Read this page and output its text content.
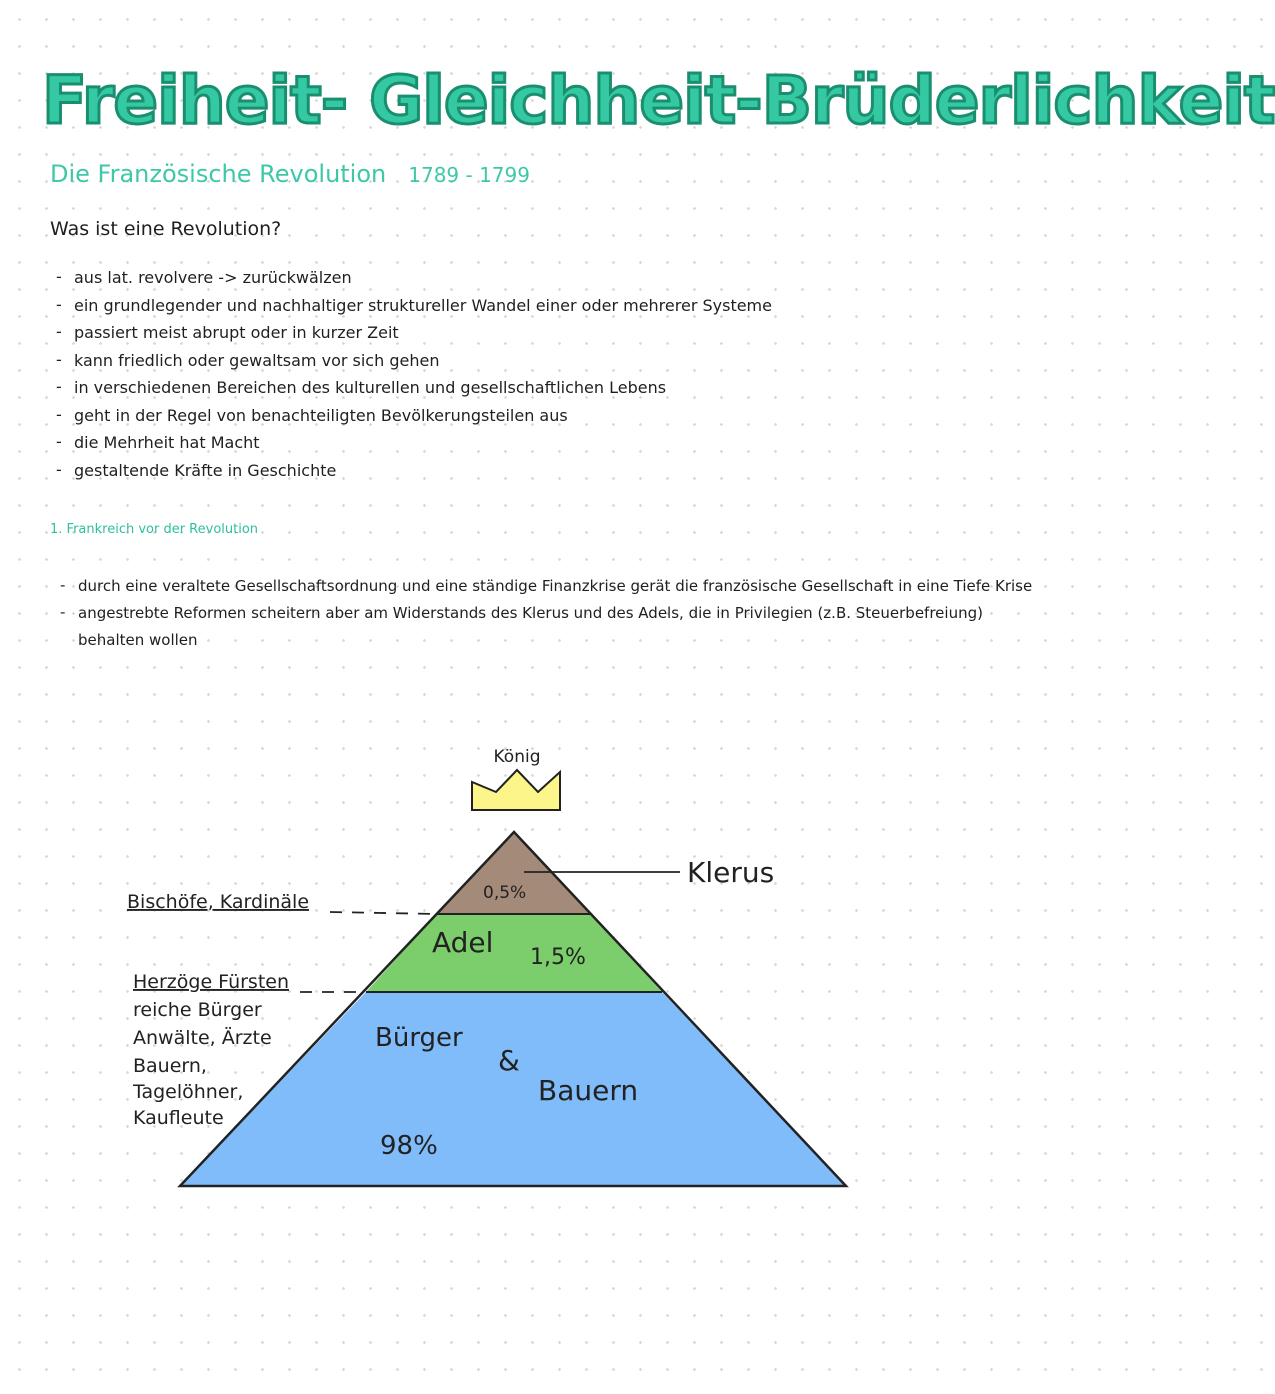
Freiheit- Gleichheit-Brüderlichkeit
Die Französische Revolution 1789 - 1799
Was ist eine Revolution?
- aus lat. revolvere -> zurückwälzen
- ein grundlegender und nachhaltiger struktureller Wandel einer oder mehrerer Systeme
- passiert meist abrupt oder in kurzer Zeit
- kann friedlich oder gewaltsam vor sich gehen
- in verschiedenen Bereichen des kulturellen und gesellschaftlichen Lebens
- geht in der Regel von benachteiligten Bevölkerungsteilen aus
- die Mehrheit hat Macht
- gestaltende Kräfte in Geschichte
1. Frankreich vor der Revolution
- durch eine veraltete Gesellschaftsordnung und eine ständige Finanzkrise gerät die französische Gesellschaft in eine Tiefe Krise
- angestrebte Reformen scheitern aber am Widerstands des Klerus und des Adels, die in Privilegien (z.B. Steuerbefreiung) behalten wollen
König
Klerus
0,5%
Adel 1,5%
Bürger
&
Bauern
98%
Bischöfe, Kardinäle
Herzöge Fürsten
reiche Bürger
Anwälte, Ärzte
Bauern,
Tagelöhner,
Kaufleute
